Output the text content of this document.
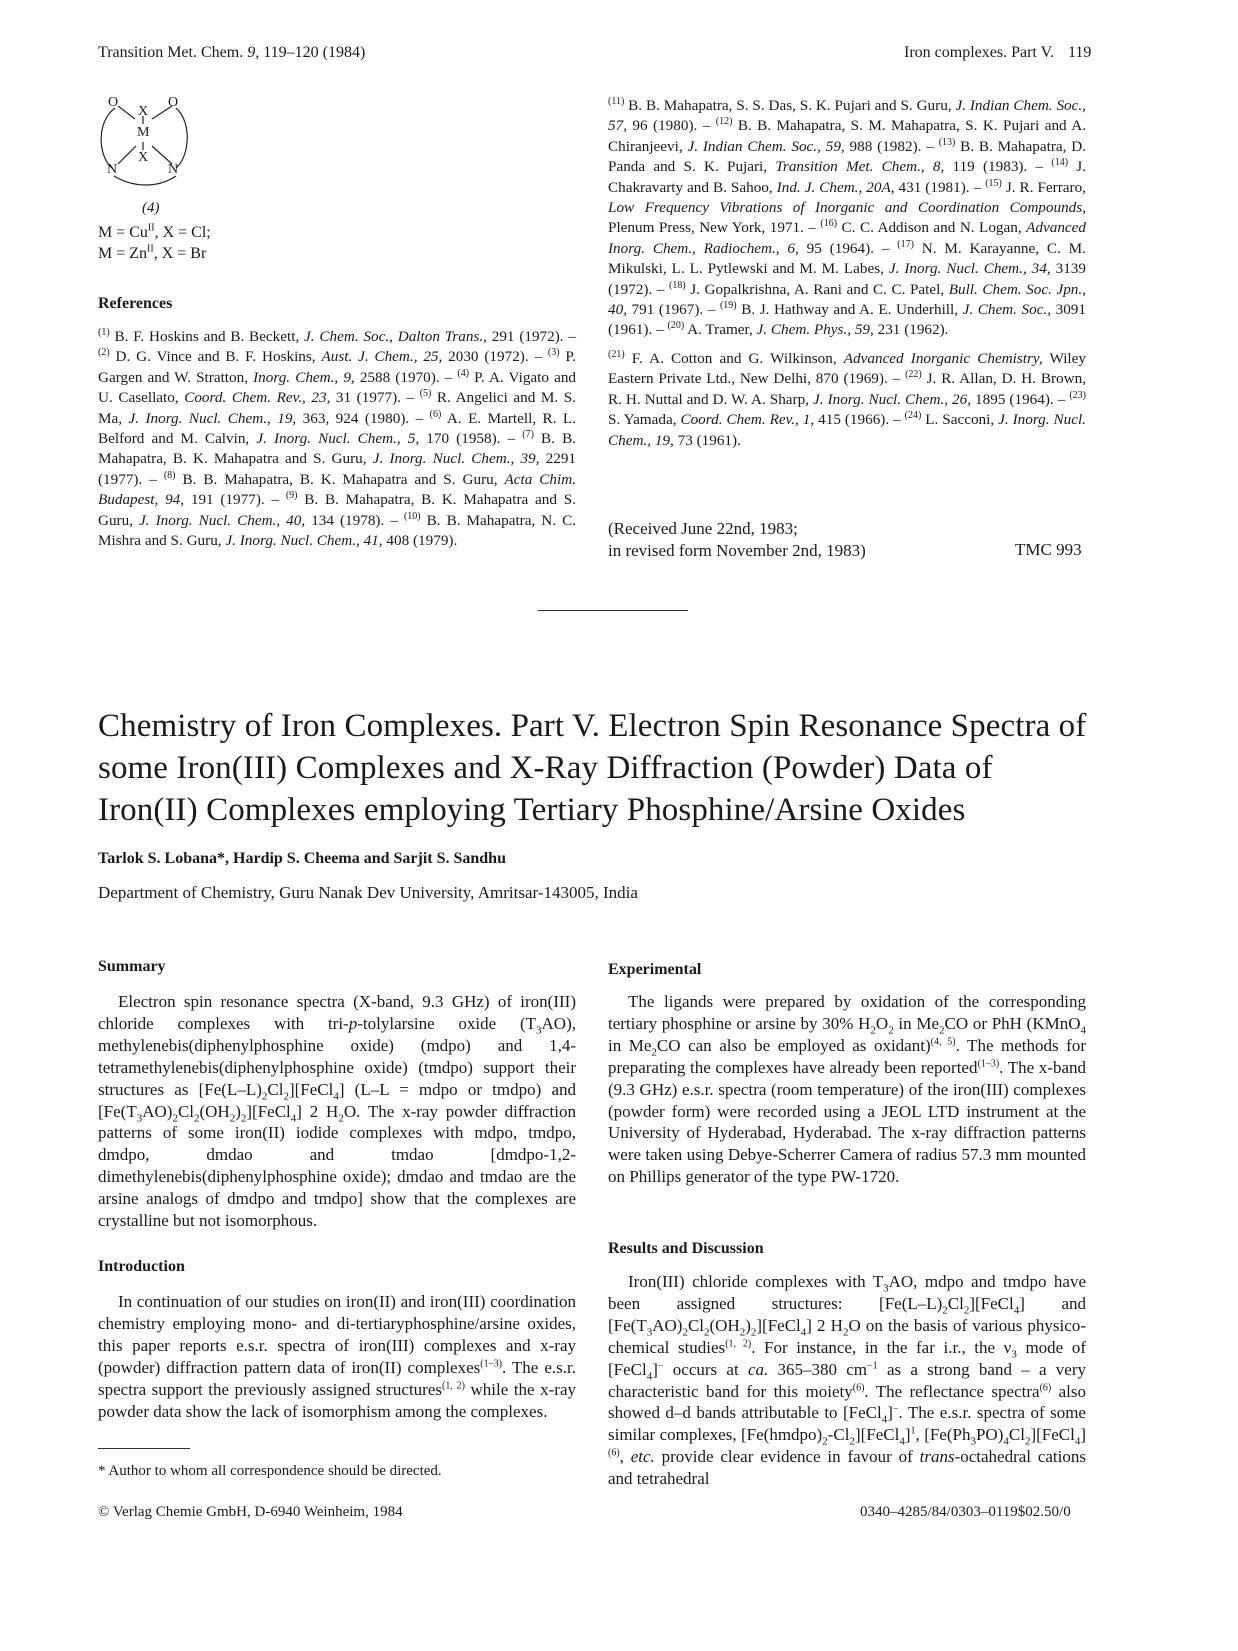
Transition Met. Chem. 9, 119–120 (1984)	Iron complexes. Part V. 119
O	O
X
M
X
N	N
(4)
$M = Cu^{II}$, X = Cl;
$M = Zn^{II}$, X = Br
References

$^{(1)}$ B. F. Hoskins and B. Beckett, J. Chem. Soc., Dalton Trans., 291 (1972). – $^{(2)}$ D. G. Vince and B. F. Hoskins, Aust. J. Chem., 25, 2030 (1972). – $^{(3)}$ P. Gargen and W. Stratton, Inorg. Chem., 9, 2588 (1970). – $^{(4)}$ P. A. Vigato and U. Casellato, Coord. Chem. Rev., 23, 31 (1977). – $^{(5)}$ R. Angelici and M. S. Ma, J. Inorg. Nucl. Chem., 19, 363, 924 (1980). – $^{(6)}$ A. E. Martell, R. L. Belford and M. Calvin, J. Inorg. Nucl. Chem., 5, 170 (1958). – $^{(7)}$ B. B. Mahapatra, B. K. Mahapatra and S. Guru, J. Inorg. Nucl. Chem., 39, 2291 (1977). – $^{(8)}$ B. B. Mahapatra, B. K. Mahapatra and S. Guru, Acta Chim. Budapest, 94, 191 (1977). – $^{(9)}$ B. B. Mahapatra, B. K. Mahapatra and S. Guru, J. Inorg. Nucl. Chem., 40, 134 (1978). – $^{(10)}$ B. B. Mahapatra, N. C. Mishra and S. Guru, J. Inorg. Nucl. Chem., 41, 408 (1979).

$^{(11)}$ B. B. Mahapatra, S. S. Das, S. K. Pujari and S. Guru, J. Indian Chem. Soc., 57, 96 (1980). – $^{(12)}$ B. B. Mahapatra, S. M. Mahapatra, S. K. Pujari and A. Chiranjeevi, J. Indian Chem. Soc., 59, 988 (1982). – $^{(13)}$ B. B. Mahapatra, D. Panda and S. K. Pujari, Transition Met. Chem., 8, 119 (1983). – $^{(14)}$ J. Chakravarty and B. Sahoo, Ind. J. Chem., 20A, 431 (1981). – $^{(15)}$ J. R. Ferraro, Low Frequency Vibrations of Inorganic and Coordination Compounds, Plenum Press, New York, 1971. – $^{(16)}$ C. C. Addison and N. Logan, Advanced Inorg. Chem., Radiochem., 6, 95 (1964). – $^{(17)}$ N. M. Karayanne, C. M. Mikulski, L. L. Pytlewski and M. M. Labes, J. Inorg. Nucl. Chem., 34, 3139 (1972). – $^{(18)}$ J. Gopalkrishna, A. Rani and C. C. Patel, Bull. Chem. Soc. Jpn., 40, 791 (1967). – $^{(19)}$ B. J. Hathway and A. E. Underhill, J. Chem. Soc., 3091 (1961). – $^{(20)}$ A. Tramer, J. Chem. Phys., 59, 231 (1962).

$^{(21)}$ F. A. Cotton and G. Wilkinson, Advanced Inorganic Chemistry, Wiley Eastern Private Ltd., New Delhi, 870 (1969). – $^{(22)}$ J. R. Allan, D. H. Brown, R. H. Nuttal and D. W. A. Sharp, J. Inorg. Nucl. Chem., 26, 1895 (1964). – $^{(23)}$ S. Yamada, Coord. Chem. Rev., 1, 415 (1966). – $^{(24)}$ L. Sacconi, J. Inorg. Nucl. Chem., 19, 73 (1961).

(Received June 22nd, 1983;
in revised form November 2nd, 1983)	TMC 993
Chemistry of Iron Complexes. Part V. Electron Spin Resonance Spectra of some Iron(III) Complexes and X-Ray Diffraction (Powder) Data of Iron(II) Complexes employing Tertiary Phosphine/Arsine Oxides
Tarlok S. Lobana*, Hardip S. Cheema and Sarjit S. Sandhu
Department of Chemistry, Guru Nanak Dev University, Amritsar-143005, India
Summary

Electron spin resonance spectra (X-band, 9.3 GHz) of iron(III) chloride complexes with tri-p-tolylarsine oxide $(T_3AO)$, methylenebis(diphenylphosphine oxide) (mdpo) and 1,4-tetramethylenebis(diphenylphosphine oxide) (tmdpo) support their structures as $[Fe(L-L)_2Cl_2][FeCl_4] (L-L$ = mdpo or tmdpo) and $[Fe(T_3AO)_2Cl_2(OH_2)_2][FeCl_4]$ 2 $H_2O$. The x-ray powder diffraction patterns of some iron(II) iodide complexes with mdpo, tmdpo, dmdpo, dmdao and tmdao [dmdpo-1,2-dimethylenebis(diphenylphosphine oxide); dmdao and tmdao are the arsine analogs of dmdpo and tmdpo] show that the complexes are crystalline but not isomorphous.

Introduction

In continuation of our studies on iron(II) and iron(III) coordination chemistry employing mono- and di-tertiaryphosphine/arsine oxides, this paper reports e.s.r. spectra of iron(III) complexes and x-ray (powder) diffraction pattern data of iron(II) complexes$^{(1-3)}$. The e.s.r. spectra support the previously assigned structures$^{(1, 2)}$ while the x-ray powder data show the lack of isomorphism among the complexes.

* Author to whom all correspondence should be directed.
Experimental

The ligands were prepared by oxidation of the corresponding tertiary phosphine or arsine by 30% $H_2O_2$ in $Me_2CO$ or PhH (KMnO$_4$ in $Me_2CO$ can also be employed as oxidant)$^{(4, 5)}$. The methods for preparating the complexes have already been reported$^{(1-3)}$. The x-band (9.3 GHz) e.s.r. spectra (room temperature) of the iron(III) complexes (powder form) were recorded using a JEOL LTD instrument at the University of Hyderabad, Hyderabad. The x-ray diffraction patterns were taken using Debye-Scherrer Camera of radius 57.3 mm mounted on Phillips generator of the type PW-1720.

Results and Discussion

Iron(III) chloride complexes with $T_3AO$, mdpo and tmdpo have been assigned structures: $[Fe(L-L)_2Cl_2][FeCl_4]$ and $[Fe(T_3AO)_2Cl_2(OH_2)_2][FeCl_4]$ 2 $H_2O$ on the basis of various physico-chemical studies$^{(1, 2)}$. For instance, in the far i.r., the $\nu_3$ mode of [FeCl$_4$]− occurs at ca. 365–380 $cm^{-1}$ as a strong band – a very characteristic band for this moiety$^{(6)}$. The reflectance spectra$^{(6)}$ also showed d–d bands attributable to [FeCl$_4$]−. The e.s.r. spectra of some similar complexes, $[Fe(hmdpo)_2-Cl_2][FeCl_4]^1$, $[Fe(Ph_3PO)_4Cl_2][FeCl_4]^{(6)}$, etc. provide clear evidence in favour of trans-octahedral cations and tetrahedral

© Verlag Chemie GmbH, D-6940 Weinheim, 1984	0340–4285/84/0303–0119$02.50/0
